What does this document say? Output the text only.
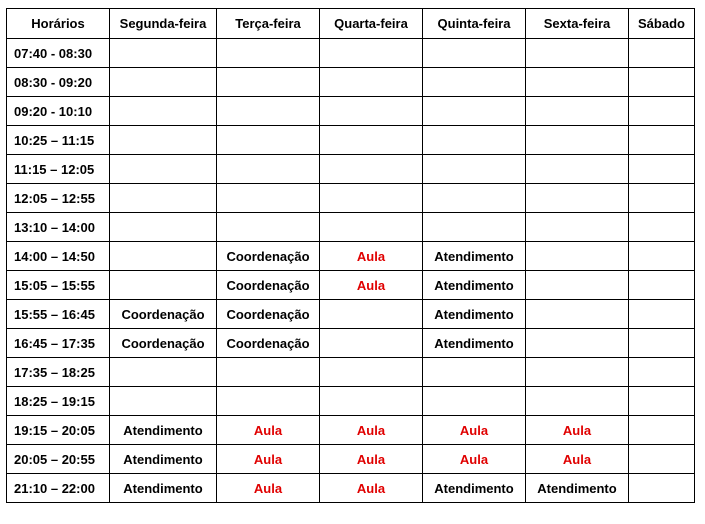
Horários	Segunda-feira	Terça-feira	Quarta-feira	Quinta-feira	Sexta-feira	Sábado
07:40 - 08:30						
08:30 - 09:20						
09:20 - 10:10						
10:25 – 11:15						
11:15 – 12:05						
12:05 – 12:55						
13:10 – 14:00						
14:00 – 14:50		Coordenação	Aula	Atendimento		
15:05 – 15:55		Coordenação	Aula	Atendimento		
15:55 – 16:45	Coordenação	Coordenação		Atendimento		
16:45 – 17:35	Coordenação	Coordenação		Atendimento		
17:35 – 18:25						
18:25 – 19:15						
19:15 – 20:05	Atendimento	Aula	Aula	Aula	Aula	
20:05 – 20:55	Atendimento	Aula	Aula	Aula	Aula	
21:10 – 22:00	Atendimento	Aula	Aula	Atendimento	Atendimento	
